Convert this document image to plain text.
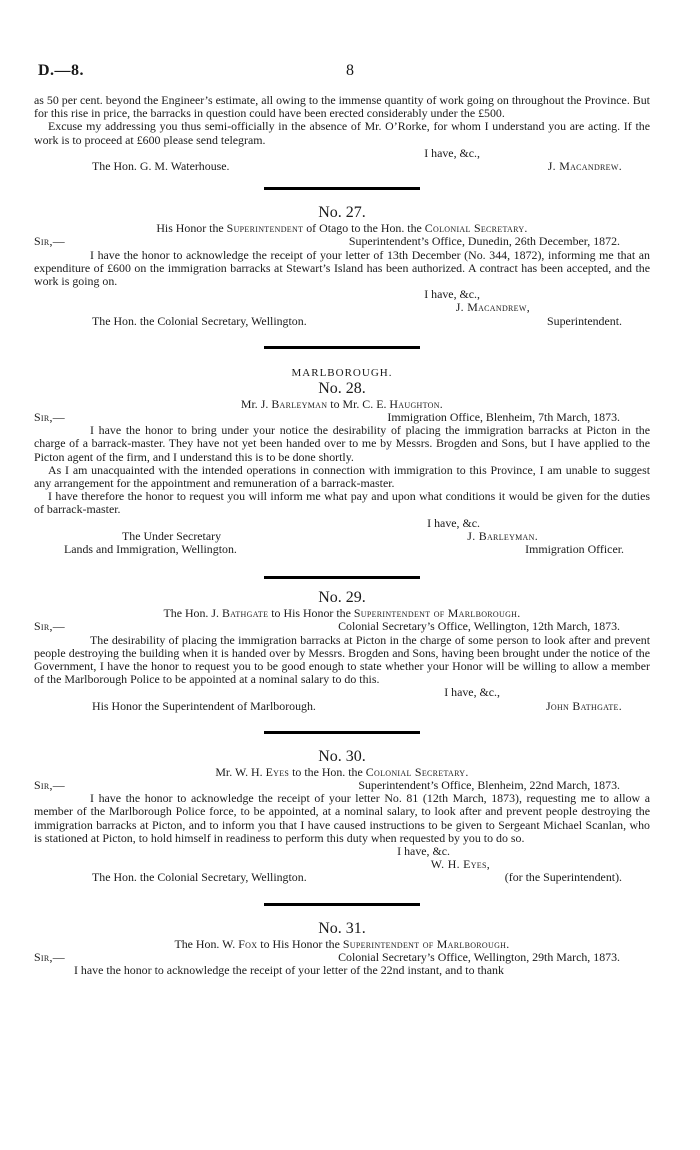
D.—8.	8

as 50 per cent. beyond the Engineer’s estimate, all owing to the immense quantity of work going on throughout the Province. But for this rise in price, the barracks in question could have been erected considerably under the £500.

Excuse my addressing you thus semi-officially in the absence of Mr. O’Rorke, for whom I understand you are acting. If the work is to proceed at £600 please send telegram.

I have, &c.,
The Hon. G. M. Waterhouse.	J. Macandrew.
No. 27.
His Honor the Superintendent of Otago to the Hon. the Colonial Secretary.
Sir,—	Superintendent’s Office, Dunedin, 26th December, 1872.

I have the honor to acknowledge the receipt of your letter of 13th December (No. 344, 1872), informing me that an expenditure of £600 on the immigration barracks at Stewart’s Island has been authorized. A contract has been accepted, and the work is going on.

I have, &c.,
J. Macandrew,
The Hon. the Colonial Secretary, Wellington.	Superintendent.
MARLBOROUGH.
No. 28.
Mr. J. Barleyman to Mr. C. E. Haughton.
Sir,—	Immigration Office, Blenheim, 7th March, 1873.

I have the honor to bring under your notice the desirability of placing the immigration barracks at Picton in the charge of a barrack-master. They have not yet been handed over to me by Messrs. Brogden and Sons, but I have applied to the Picton agent of the firm, and I understand this is to be done shortly.

As I am unacquainted with the intended operations in connection with immigration to this Province, I am unable to suggest any arrangement for the appointment and remuneration of a barrack-master.

I have therefore the honor to request you will inform me what pay and upon what conditions it would be given for the duties of barrack-master.

I have, &c.
The Under Secretary	J. Barleyman.
Lands and Immigration, Wellington.	Immigration Officer.
No. 29.
The Hon. J. Bathgate to His Honor the Superintendent of Marlborough.
Sir,—	Colonial Secretary’s Office, Wellington, 12th March, 1873.

The desirability of placing the immigration barracks at Picton in the charge of some person to look after and prevent people destroying the building when it is handed over by Messrs. Brogden and Sons, having been brought under the notice of the Government, I have the honor to request you to be good enough to state whether your Honor will be willing to allow a member of the Marlborough Police to be appointed at a nominal salary to do this.

I have, &c.,
His Honor the Superintendent of Marlborough.	John Bathgate.
No. 30.
Mr. W. H. Eyes to the Hon. the Colonial Secretary.
Sir,—	Superintendent’s Office, Blenheim, 22nd March, 1873.

I have the honor to acknowledge the receipt of your letter No. 81 (12th March, 1873), requesting me to allow a member of the Marlborough Police force, to be appointed, at a nominal salary, to look after and prevent people destroying the immigration barracks at Picton, and to inform you that I have caused instructions to be given to Sergeant Michael Scanlan, who is stationed at Picton, to hold himself in readiness to perform this duty when requested by you to do so.

I have, &c.
W. H. Eyes,
The Hon. the Colonial Secretary, Wellington.	(for the Superintendent).
No. 31.
The Hon. W. Fox to His Honor the Superintendent of Marlborough.
Sir,—	Colonial Secretary’s Office, Wellington, 29th March, 1873.

I have the honor to acknowledge the receipt of your letter of the 22nd instant, and to thank
